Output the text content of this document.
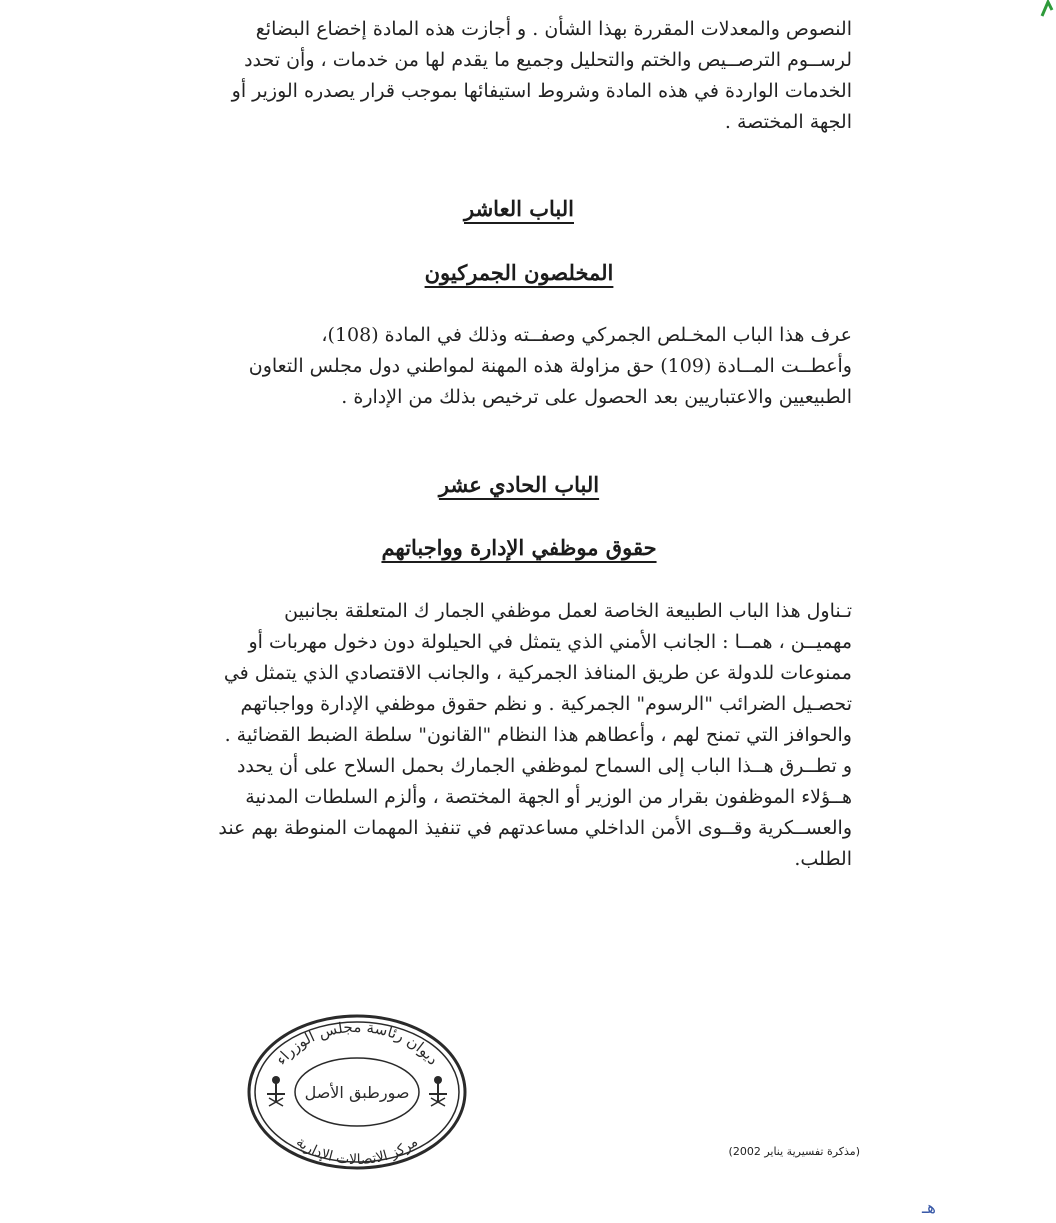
النصوص والمعدلات المقررة بهذا الشأن . و أجازت هذه المادة إخضاع البضائع

لرســوم الترصــيص والختم والتحليل وجميع ما يقدم لها من خدمات ، وأن تحدد

الخدمات الواردة في هذه المادة وشروط استيفائها بموجب قرار يصدره الوزير أو

الجهة المختصة .

الباب العاشر
المخلصون الجمركيون

عرف هذا الباب المخـلص الجمركي وصفــته وذلك في المادة (108)،

وأعطــت المــادة (109) حق مزاولة هذه المهنة لمواطني دول مجلس التعاون

الطبيعيين والاعتباريين بعد الحصول على ترخيص بذلك من الإدارة .

الباب الحادي عشر
حقوق موظفي الإدارة وواجباتهم

تـناول هذا الباب الطبيعة الخاصة لعمل موظفي الجمار ك المتعلقة بجانبين

مهميــن ، همــا : الجانب الأمني الذي يتمثل في الحيلولة دون دخول مهربات أو

ممنوعات للدولة عن طريق المنافذ الجمركية ، والجانب الاقتصادي الذي يتمثل في

تحصـيل الضرائب "الرسوم" الجمركية . و نظم حقوق موظفي الإدارة وواجباتهم

والحوافز التي تمنح لهم ، وأعطاهم هذا النظام "القانون" سلطة الضبط القضائية .

و تطــرق هــذا الباب إلى السماح لموظفي الجمارك بحمل السلاح على أن يحدد

هــؤلاء الموظفون بقرار من الوزير أو الجهة المختصة ، وألزم السلطات المدنية

والعســكرية وقــوى الأمن الداخلي مساعدتهم في تنفيذ المهمات المنوطة بهم عند

الطلب.

ديوان رئاسة مجلس الوزراء
مركز الاتصالات الإدارية
صورطبق الأصل
(مذكرة تفسيرية يناير 2002)
هـ
